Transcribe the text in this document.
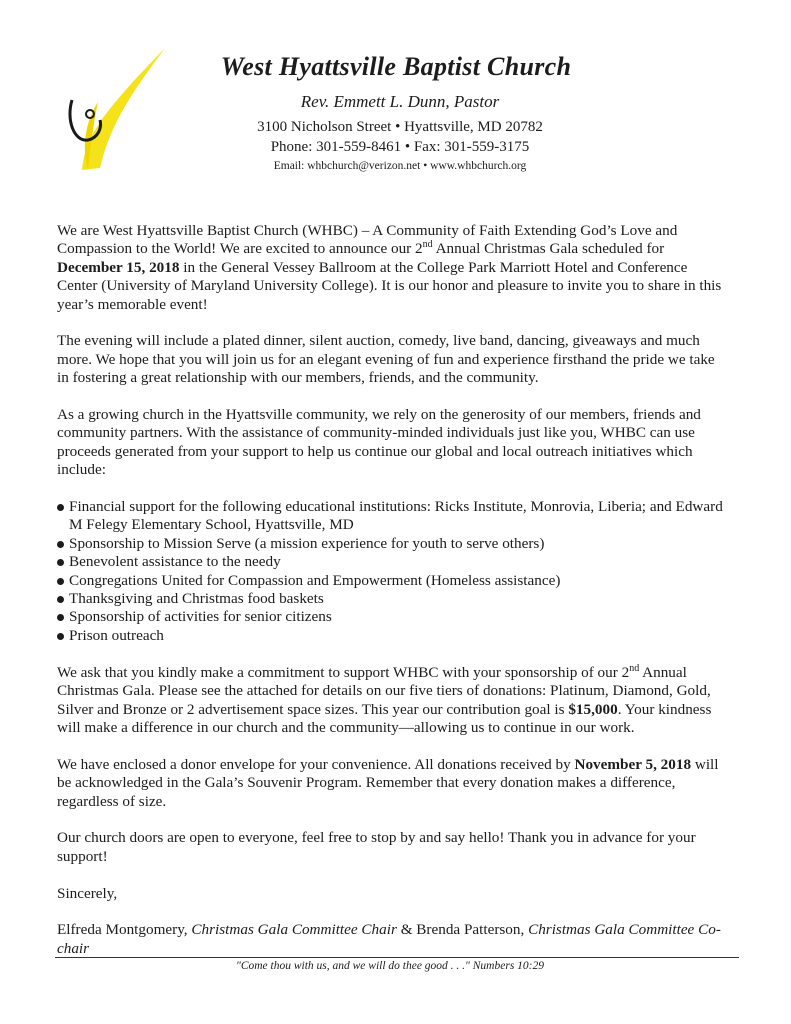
West Hyattsville Baptist Church
Rev. Emmett L. Dunn, Pastor
3100 Nicholson Street • Hyattsville, MD 20782
Phone: 301-559-8461 • Fax: 301-559-3175
Email: whbchurch@verizon.net • www.whbchurch.org

We are West Hyattsville Baptist Church (WHBC) – A Community of Faith Extending God’s Love and Compassion to the World! We are excited to announce our 2nd Annual Christmas Gala scheduled for December 15, 2018 in the General Vessey Ballroom at the College Park Marriott Hotel and Conference Center (University of Maryland University College). It is our honor and pleasure to invite you to share in this year’s memorable event!

The evening will include a plated dinner, silent auction, comedy, live band, dancing, giveaways and much more. We hope that you will join us for an elegant evening of fun and experience firsthand the pride we take in fostering a great relationship with our members, friends, and the community.

As a growing church in the Hyattsville community, we rely on the generosity of our members, friends and community partners. With the assistance of community-minded individuals just like you, WHBC can use proceeds generated from your support to help us continue our global and local outreach initiatives which include:

Financial support for the following educational institutions: Ricks Institute, Monrovia, Liberia; and Edward M Felegy Elementary School, Hyattsville, MD
Sponsorship to Mission Serve (a mission experience for youth to serve others)
Benevolent assistance to the needy
Congregations United for Compassion and Empowerment (Homeless assistance)
Thanksgiving and Christmas food baskets
Sponsorship of activities for senior citizens
Prison outreach

We ask that you kindly make a commitment to support WHBC with your sponsorship of our 2nd Annual Christmas Gala. Please see the attached for details on our five tiers of donations: Platinum, Diamond, Gold, Silver and Bronze or 2 advertisement space sizes. This year our contribution goal is $15,000. Your kindness will make a difference in our church and the community—allowing us to continue in our work.

We have enclosed a donor envelope for your convenience. All donations received by November 5, 2018 will be acknowledged in the Gala’s Souvenir Program. Remember that every donation makes a difference, regardless of size.

Our church doors are open to everyone, feel free to stop by and say hello! Thank you in advance for your support!

Sincerely,

Elfreda Montgomery, Christmas Gala Committee Chair & Brenda Patterson, Christmas Gala Committee Co-chair

"Come thou with us, and we will do thee good . . ." Numbers 10:29
